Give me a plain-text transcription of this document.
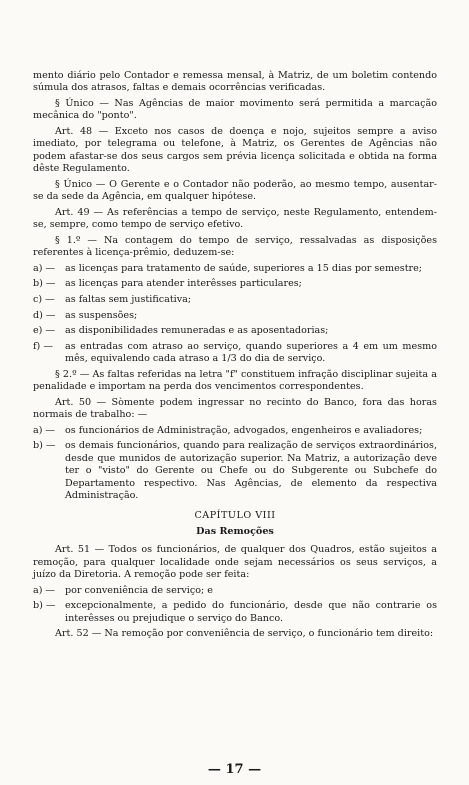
mento diário pelo Contador e remessa mensal, à Matriz, de um boletim contendo súmula dos atrasos, faltas e demais ocorrências verificadas.

§ Único — Nas Agências de maior movimento será permitida a marcação mecânica do "ponto".

Art. 48 — Exceto nos casos de doença e nojo, sujeitos sempre a aviso imediato, por telegrama ou telefone, à Matriz, os Gerentes de Agências não podem afastar-se dos seus cargos sem prévia licença solicitada e obtida na forma dêste Regulamento.

§ Único — O Gerente e o Contador não poderão, ao mesmo tempo, ausentar-se da sede da Agência, em qualquer hipótese.

Art. 49 — As referências a tempo de serviço, neste Regulamento, entendem-se, sempre, como tempo de serviço efetivo.

§ 1.º — Na contagem do tempo de serviço, ressalvadas as disposições referentes à licença-prêmio, deduzem-se:

a) —	as licenças para tratamento de saúde, superiores a 15 dias por semestre;
b) — as licenças para atender interêsses particulares;
c) —	as faltas sem justificativa;
d) — as suspensões;
e) —	as disponibilidades remuneradas e as aposentadorias;
f) —	as entradas com atraso ao serviço, quando superiores a 4 em um mesmo mês, equivalendo cada atraso a 1/3 do dia de serviço.

§ 2.º — As faltas referidas na letra "f" constituem infração disciplinar sujeita a penalidade e importam na perda dos vencimentos correspondentes.

Art. 50 — Sòmente podem ingressar no recinto do Banco, fora das horas normais de trabalho: —

a) —	os funcionários de Administração, advogados, engenheiros e avaliadores;
b) — os demais funcionários, quando para realização de serviços extraordinários, desde que munidos de autorização superior. Na Matriz, a autorização deve ter o "visto" do Gerente ou Chefe ou do Subgerente ou Subchefe do Departamento respectivo. Nas Agências, de elemento da respectiva Administração.
CAPÍTULO VIII
Das Remoções

Art. 51 — Todos os funcionários, de qualquer dos Quadros, estão sujeitos a remoção, para qualquer localidade onde sejam necessários os seus serviços, a juízo da Diretoria. A remoção pode ser feita:

a) —	por conveniência de serviço; e
b) — excepcionalmente, a pedido do funcionário, desde que não contrarie os interêsses ou prejudique o serviço do Banco.

Art. 52 — Na remoção por conveniência de serviço, o funcionário tem direito:

— 17 —
